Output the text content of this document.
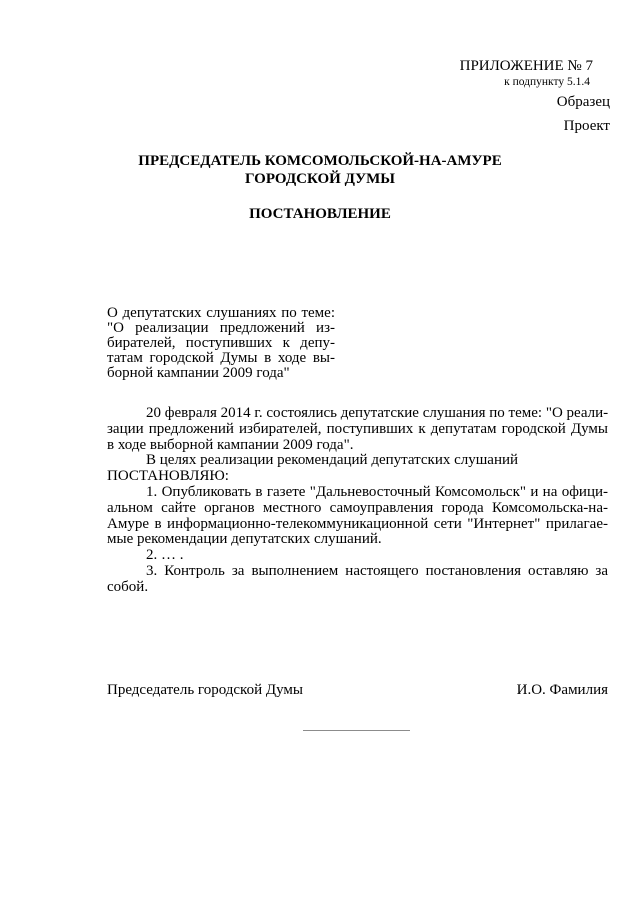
ПРИЛОЖЕНИЕ № 7
к подпункту 5.1.4
Образец
Проект
ПРЕДСЕДАТЕЛЬ КОМСОМОЛЬСКОЙ-НА-АМУРЕ
ГОРОДСКОЙ ДУМЫ
ПОСТАНОВЛЕНИЕ
О депутатских слушаниях по теме:
"О реализации предложений из-
бирателей, поступивших к депу-
татам городской Думы в ходе вы-
борной кампании 2009 года"
20 февраля 2014 г. состоялись депутатские слушания по теме: "О реали-
зации предложений избирателей, поступивших к депутатам городской Думы
в ходе выборной кампании 2009 года".
В целях реализации рекомендаций депутатских слушаний
ПОСТАНОВЛЯЮ:
1. Опубликовать в газете "Дальневосточный Комсомольск" и на офици-
альном сайте органов местного самоуправления города Комсомольска-на-
Амуре в информационно-телекоммуникационной сети "Интернет" прилагае-
мые рекомендации депутатских слушаний.
2. … .
3. Контроль за выполнением настоящего постановления оставляю за
собой.
Председатель городской Думы	И.О. Фамилия
